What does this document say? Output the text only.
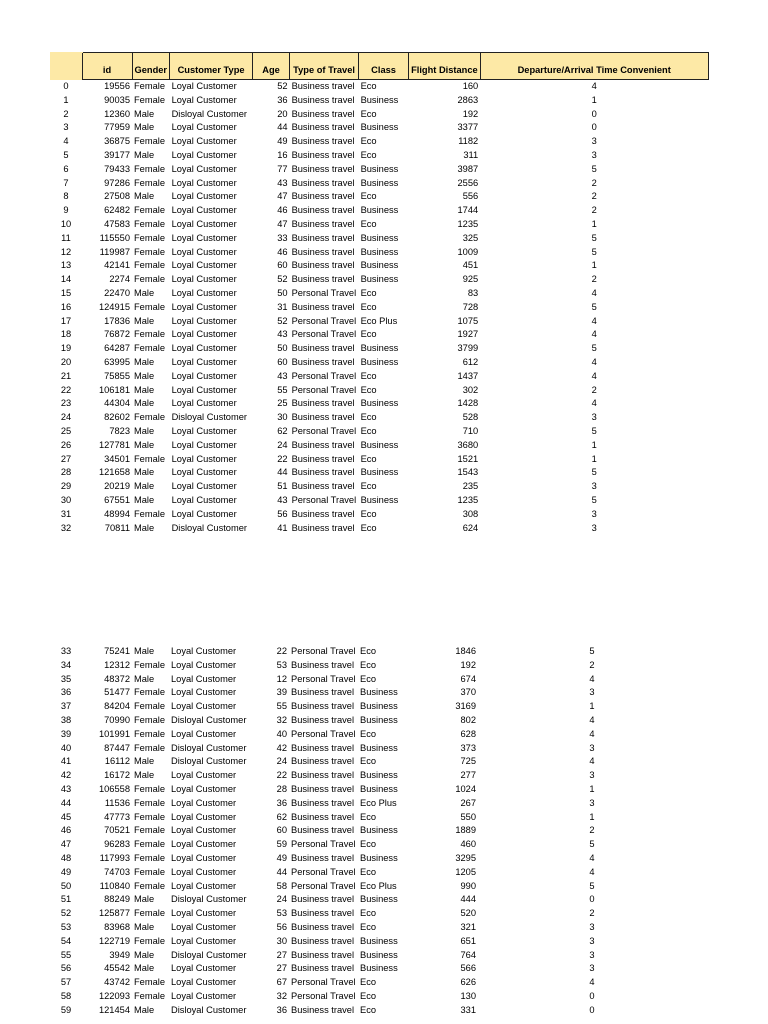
	id	Gender	Customer Type	Age	Type of Travel	Class	Flight Distance	Departure/Arrival Time Convenient
0	19556	Female	Loyal Customer	52	Business travel	Eco	160	4
1	90035	Female	Loyal Customer	36	Business travel	Business	2863	1
2	12360	Male	Disloyal Customer	20	Business travel	Eco	192	0
3	77959	Male	Loyal Customer	44	Business travel	Business	3377	0
4	36875	Female	Loyal Customer	49	Business travel	Eco	1182	3
5	39177	Male	Loyal Customer	16	Business travel	Eco	311	3
6	79433	Female	Loyal Customer	77	Business travel	Business	3987	5
7	97286	Female	Loyal Customer	43	Business travel	Business	2556	2
8	27508	Male	Loyal Customer	47	Business travel	Eco	556	2
9	62482	Female	Loyal Customer	46	Business travel	Business	1744	2
10	47583	Female	Loyal Customer	47	Business travel	Eco	1235	1
11	115550	Female	Loyal Customer	33	Business travel	Business	325	5
12	119987	Female	Loyal Customer	46	Business travel	Business	1009	5
13	42141	Female	Loyal Customer	60	Business travel	Business	451	1
14	2274	Female	Loyal Customer	52	Business travel	Business	925	2
15	22470	Male	Loyal Customer	50	Personal Travel	Eco	83	4
16	124915	Female	Loyal Customer	31	Business travel	Eco	728	5
17	17836	Male	Loyal Customer	52	Personal Travel	Eco Plus	1075	4
18	76872	Female	Loyal Customer	43	Personal Travel	Eco	1927	4
19	64287	Female	Loyal Customer	50	Business travel	Business	3799	5
20	63995	Male	Loyal Customer	60	Business travel	Business	612	4
21	75855	Male	Loyal Customer	43	Personal Travel	Eco	1437	4
22	106181	Male	Loyal Customer	55	Personal Travel	Eco	302	2
23	44304	Male	Loyal Customer	25	Business travel	Business	1428	4
24	82602	Female	Disloyal Customer	30	Business travel	Eco	528	3
25	7823	Male	Loyal Customer	62	Personal Travel	Eco	710	5
26	127781	Male	Loyal Customer	24	Business travel	Business	3680	1
27	34501	Female	Loyal Customer	22	Business travel	Eco	1521	1
28	121658	Male	Loyal Customer	44	Business travel	Business	1543	5
29	20219	Male	Loyal Customer	51	Business travel	Eco	235	3
30	67551	Male	Loyal Customer	43	Personal Travel	Business	1235	5
31	48994	Female	Loyal Customer	56	Business travel	Eco	308	3
32	70811	Male	Disloyal Customer	41	Business travel	Eco	624	3
33	75241	Male	Loyal Customer	22	Personal Travel	Eco	1846	5
34	12312	Female	Loyal Customer	53	Business travel	Eco	192	2
35	48372	Male	Loyal Customer	12	Personal Travel	Eco	674	4
36	51477	Female	Loyal Customer	39	Business travel	Business	370	3
37	84204	Female	Loyal Customer	55	Business travel	Business	3169	1
38	70990	Female	Disloyal Customer	32	Business travel	Business	802	4
39	101991	Female	Loyal Customer	40	Personal Travel	Eco	628	4
40	87447	Female	Disloyal Customer	42	Business travel	Business	373	3
41	16112	Male	Disloyal Customer	24	Business travel	Eco	725	4
42	16172	Male	Loyal Customer	22	Business travel	Business	277	3
43	106558	Female	Loyal Customer	28	Business travel	Business	1024	1
44	11536	Female	Loyal Customer	36	Business travel	Eco Plus	267	3
45	47773	Female	Loyal Customer	62	Business travel	Eco	550	1
46	70521	Female	Loyal Customer	60	Business travel	Business	1889	2
47	96283	Female	Loyal Customer	59	Personal Travel	Eco	460	5
48	117993	Female	Loyal Customer	49	Business travel	Business	3295	4
49	74703	Female	Loyal Customer	44	Personal Travel	Eco	1205	4
50	110840	Female	Loyal Customer	58	Personal Travel	Eco Plus	990	5
51	88249	Male	Disloyal Customer	24	Business travel	Business	444	0
52	125877	Female	Loyal Customer	53	Business travel	Eco	520	2
53	83968	Male	Loyal Customer	56	Business travel	Eco	321	3
54	122719	Female	Loyal Customer	30	Business travel	Business	651	3
55	3949	Male	Disloyal Customer	27	Business travel	Business	764	3
56	45542	Male	Loyal Customer	27	Business travel	Business	566	3
57	43742	Female	Loyal Customer	67	Personal Travel	Eco	626	4
58	122093	Female	Loyal Customer	32	Personal Travel	Eco	130	0
59	121454	Male	Disloyal Customer	36	Business travel	Eco	331	0
